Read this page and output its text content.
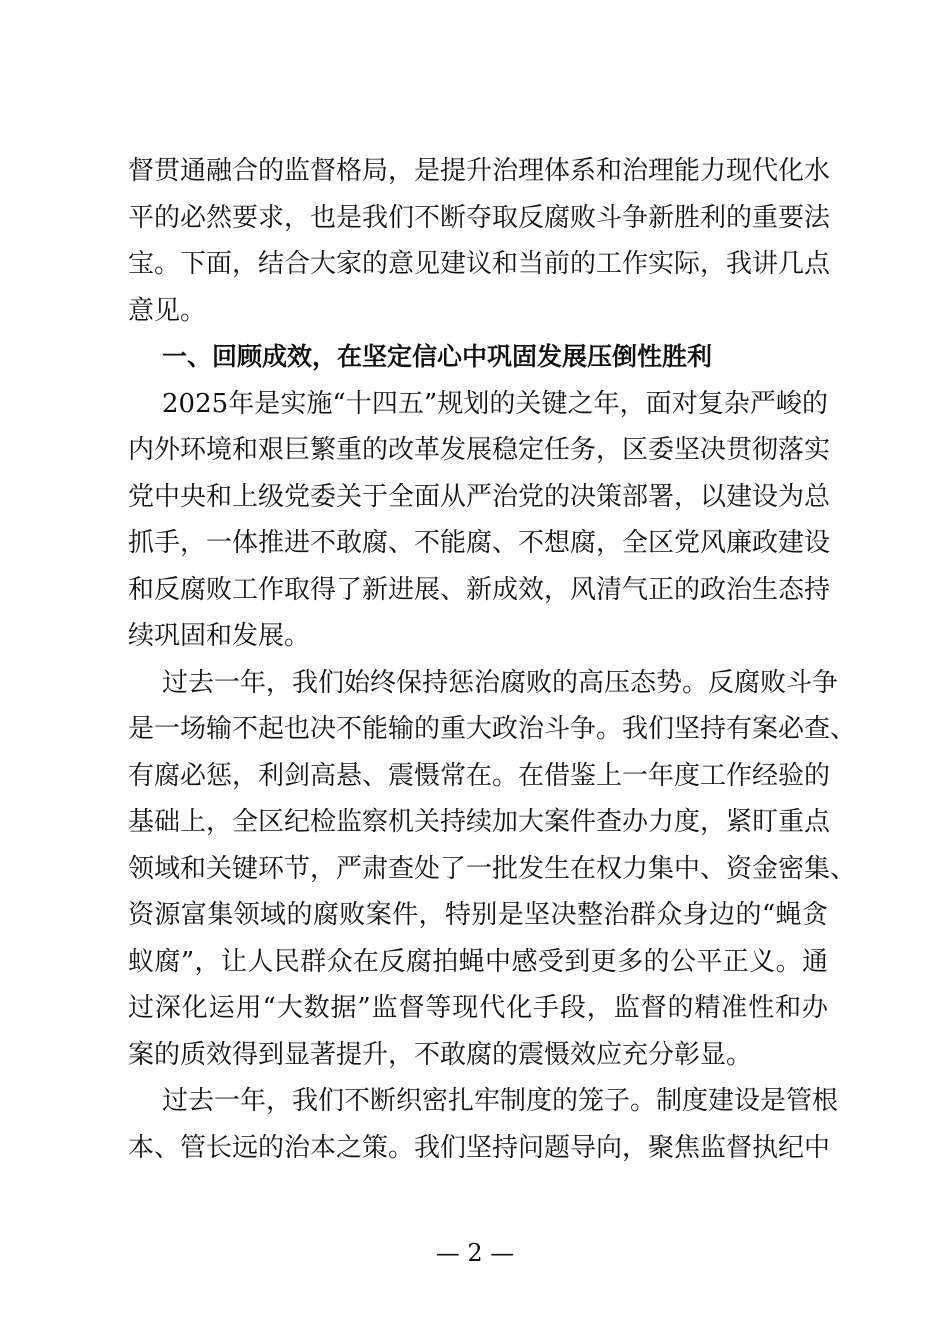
督贯通融合的监督格局，是提升治理体系和治理能力现代化水
平的必然要求，也是我们不断夺取反腐败斗争新胜利的重要法
宝。下面，结合大家的意见建议和当前的工作实际，我讲几点
意见。
一、回顾成效，在坚定信心中巩固发展压倒性胜利
2025年是实施“十四五”规划的关键之年，面对复杂严峻的
内外环境和艰巨繁重的改革发展稳定任务，区委坚决贯彻落实
党中央和上级党委关于全面从严治党的决策部署，以建设为总
抓手，一体推进不敢腐、不能腐、不想腐，全区党风廉政建设
和反腐败工作取得了新进展、新成效，风清气正的政治生态持
续巩固和发展。
过去一年，我们始终保持惩治腐败的高压态势。反腐败斗争
是一场输不起也决不能输的重大政治斗争。我们坚持有案必查、
有腐必惩，利剑高悬、震慑常在。在借鉴上一年度工作经验的
基础上，全区纪检监察机关持续加大案件查办力度，紧盯重点
领域和关键环节，严肃查处了一批发生在权力集中、资金密集、
资源富集领域的腐败案件，特别是坚决整治群众身边的“蝇贪
蚁腐”，让人民群众在反腐拍蝇中感受到更多的公平正义。通
过深化运用“大数据”监督等现代化手段，监督的精准性和办
案的质效得到显著提升，不敢腐的震慑效应充分彰显。
过去一年，我们不断织密扎牢制度的笼子。制度建设是管根
本、管长远的治本之策。我们坚持问题导向，聚焦监督执纪中
— 2 —
